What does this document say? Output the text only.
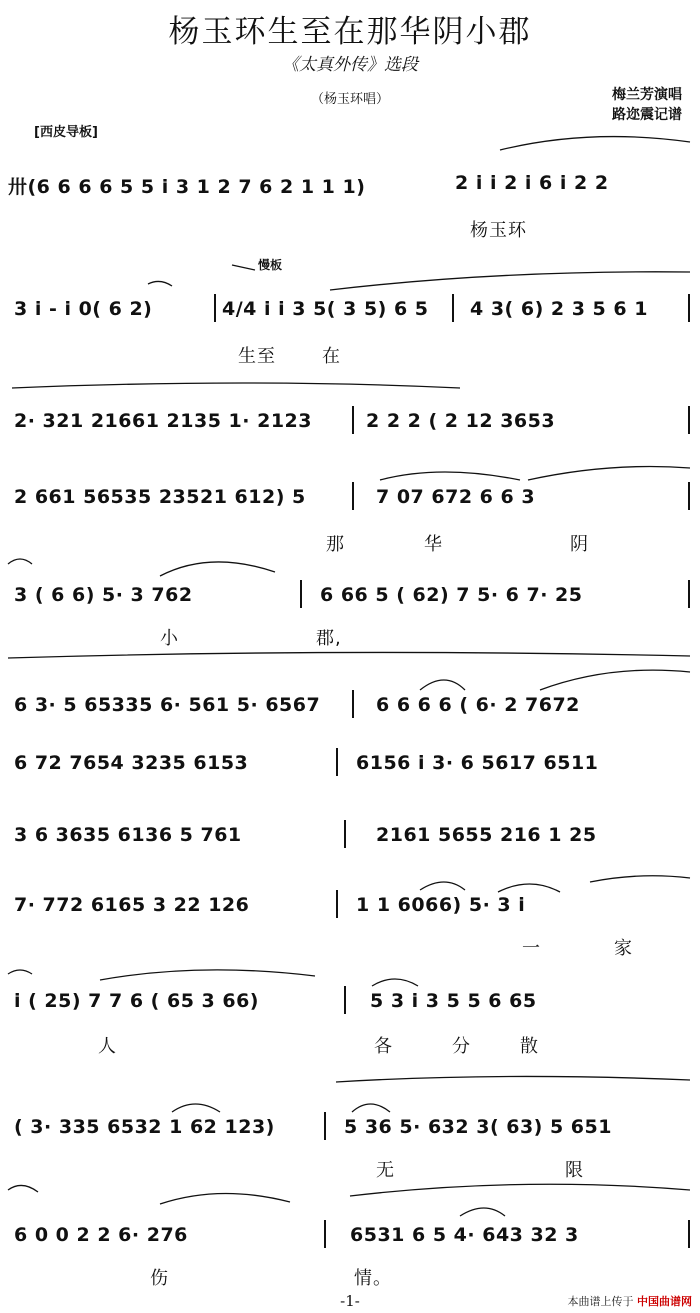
杨玉环生至在那华阴小郡
《太真外传》选段
（杨玉环唱）	梅兰芳演唱
路迩震记谱
[西皮导板]
卅(6 6 6 6 5 5 i 3 1 2 7 6 2 1 1 1)	2 i i 2 i 6 i 2 2
杨玉环
慢板
3 i - i 0( 6 2)	4/4 i i 3 5( 3 5) 6 5 4 3( 6) 2 3 5 6 1
生至	在
2· 321 21661 2135 1· 2123	2 2 2 ( 2 12 3653
2 661 56535 23521 612) 5	7 07 672 6 6 3
那	华	阴
3 ( 6 6) 5· 3 762	6 66 5 ( 62) 7 5· 6 7· 25
小	郡,
6 3· 5 65335 6· 561 5· 6567	6 6 6 6 ( 6· 2 7672
6 72 7654 3235 6153	6156 i 3· 6 5617 6511
3 6 3635 6136 5 761	2161 5655 216 1 25
7· 772 6165 3 22 126	1 1 6066) 5· 3 i
一	家
i ( 25) 7 7 6 ( 65 3 66)	5 3 i 3 5 5 6 65
人	各	分	散
( 3· 335 6532 1 62 123)	5 36 5· 632 3( 63) 5 651
无	限
6 0 0 2 2 6· 276	6531 6 5 4· 643 32 3
伤	情。
-1-	本曲谱上传于 中国曲谱网
